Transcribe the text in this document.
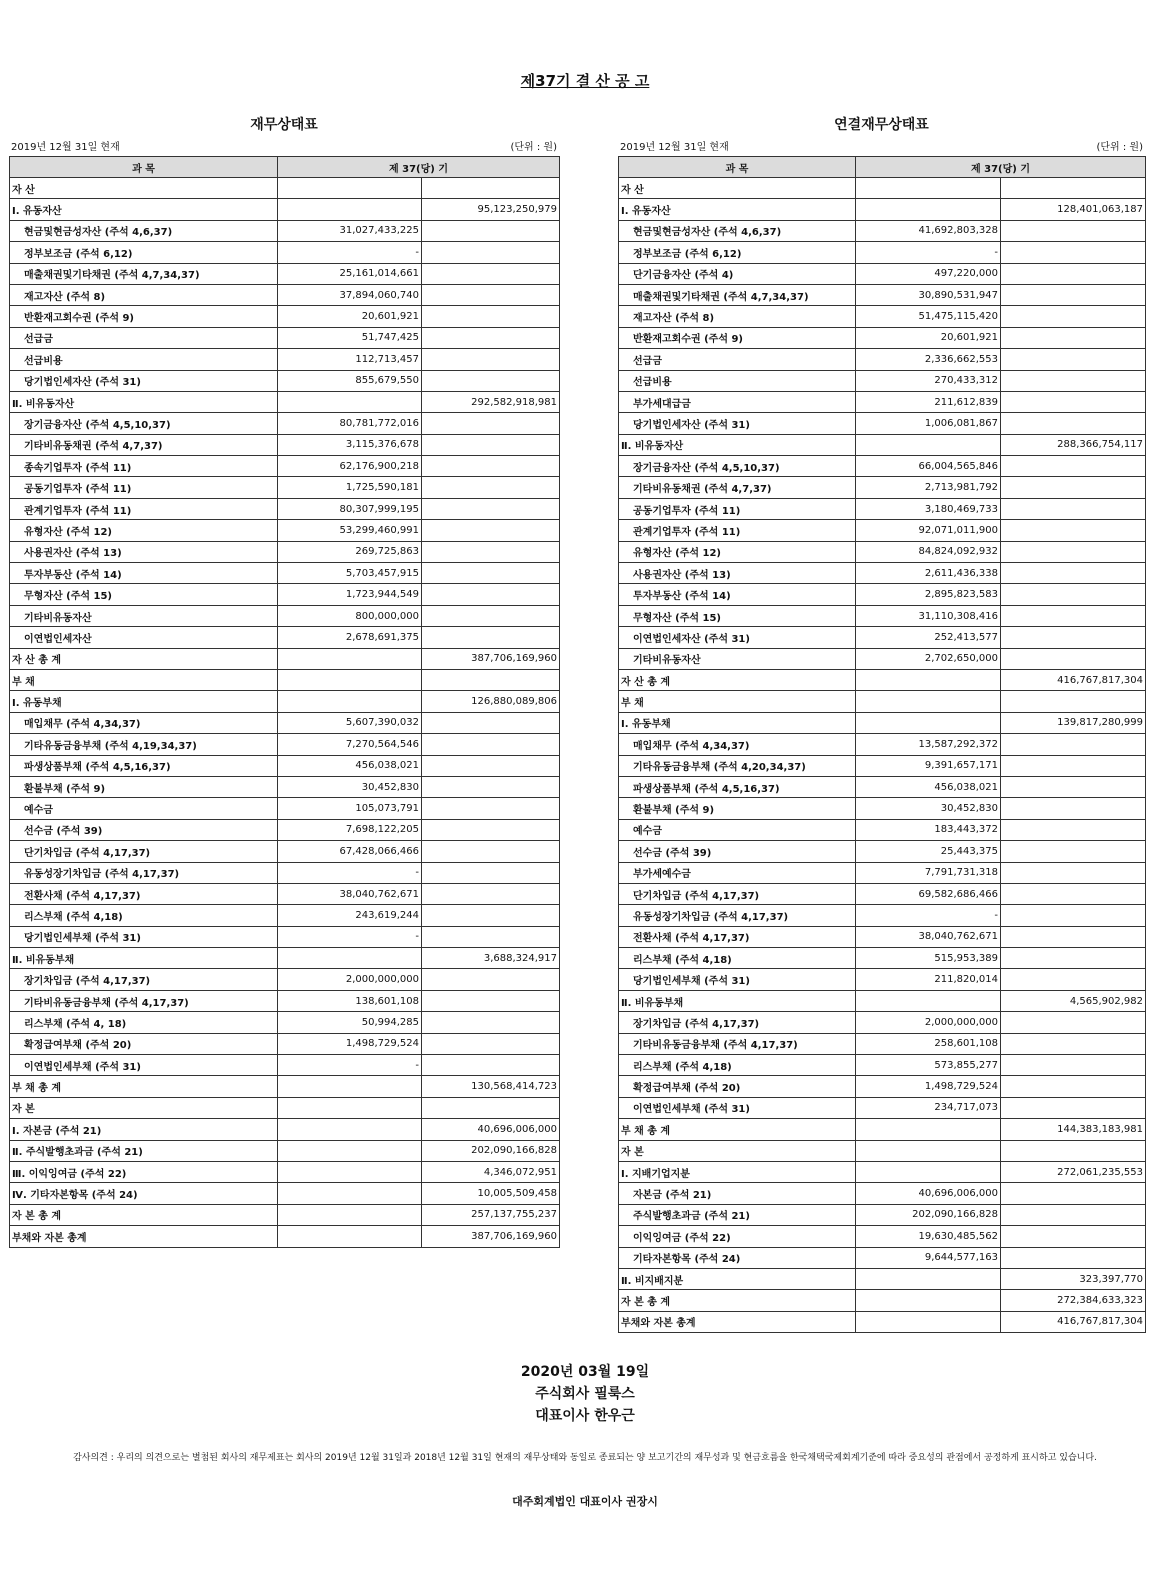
제37기 결 산 공 고
재무상태표
2019년 12월 31일 현재	(단위 : 원)
과 목	제 37(당) 기	
자 산		
Ⅰ. 유동자산		95,123,250,979
현금및현금성자산 (주석 4,6,37)	31,027,433,225	
정부보조금 (주석 6,12)	-	
매출채권및기타채권 (주석 4,7,34,37)	25,161,014,661	
재고자산 (주석 8)	37,894,060,740	
반환재고회수권 (주석 9)	20,601,921	
선급금	51,747,425	
선급비용	112,713,457	
당기법인세자산 (주석 31)	855,679,550	
Ⅱ. 비유동자산		292,582,918,981
장기금융자산 (주석 4,5,10,37)	80,781,772,016	
기타비유동채권 (주석 4,7,37)	3,115,376,678	
종속기업투자 (주석 11)	62,176,900,218	
공동기업투자 (주석 11)	1,725,590,181	
관계기업투자 (주석 11)	80,307,999,195	
유형자산 (주석 12)	53,299,460,991	
사용권자산 (주석 13)	269,725,863	
투자부동산 (주석 14)	5,703,457,915	
무형자산 (주석 15)	1,723,944,549	
기타비유동자산	800,000,000	
이연법인세자산	2,678,691,375	
자 산 총 계		387,706,169,960
부 채		
Ⅰ. 유동부채		126,880,089,806
매입채무 (주석 4,34,37)	5,607,390,032	
기타유동금융부채 (주석 4,19,34,37)	7,270,564,546	
파생상품부채 (주석 4,5,16,37)	456,038,021	
환불부채 (주석 9)	30,452,830	
예수금	105,073,791	
선수금 (주석 39)	7,698,122,205	
단기차입금 (주석 4,17,37)	67,428,066,466	
유동성장기차입금 (주석 4,17,37)	-	
전환사채 (주석 4,17,37)	38,040,762,671	
리스부채 (주석 4,18)	243,619,244	
당기법인세부채 (주석 31)	-	
Ⅱ. 비유동부채		3,688,324,917
장기차입금 (주석 4,17,37)	2,000,000,000	
기타비유동금융부채 (주석 4,17,37)	138,601,108	
리스부채 (주석 4, 18)	50,994,285	
확정급여부채 (주석 20)	1,498,729,524	
이연법인세부채 (주석 31)	-	
부 채 총 계		130,568,414,723
자 본		
Ⅰ. 자본금 (주석 21)		40,696,006,000
Ⅱ. 주식발행초과금 (주석 21)		202,090,166,828
Ⅲ. 이익잉여금 (주석 22)		4,346,072,951
Ⅳ. 기타자본항목 (주석 24)		10,005,509,458
자 본 총 계		257,137,755,237
부채와 자본 총계		387,706,169,960
연결재무상태표
2019년 12월 31일 현재	(단위 : 원)
과 목	제 37(당) 기	
자 산		
Ⅰ. 유동자산		128,401,063,187
현금및현금성자산 (주석 4,6,37)	41,692,803,328	
정부보조금 (주석 6,12)	-	
단기금융자산 (주석 4)	497,220,000	
매출채권및기타채권 (주석 4,7,34,37)	30,890,531,947	
재고자산 (주석 8)	51,475,115,420	
반환재고회수권 (주석 9)	20,601,921	
선급금	2,336,662,553	
선급비용	270,433,312	
부가세대급금	211,612,839	
당기법인세자산 (주석 31)	1,006,081,867	
Ⅱ. 비유동자산		288,366,754,117
장기금융자산 (주석 4,5,10,37)	66,004,565,846	
기타비유동채권 (주석 4,7,37)	2,713,981,792	
공동기업투자 (주석 11)	3,180,469,733	
관계기업투자 (주석 11)	92,071,011,900	
유형자산 (주석 12)	84,824,092,932	
사용권자산 (주석 13)	2,611,436,338	
투자부동산 (주석 14)	2,895,823,583	
무형자산 (주석 15)	31,110,308,416	
이연법인세자산 (주석 31)	252,413,577	
기타비유동자산	2,702,650,000	
자 산 총 계		416,767,817,304
부 채		
Ⅰ. 유동부채		139,817,280,999
매입채무 (주석 4,34,37)	13,587,292,372	
기타유동금융부채 (주석 4,20,34,37)	9,391,657,171	
파생상품부채 (주석 4,5,16,37)	456,038,021	
환불부채 (주석 9)	30,452,830	
예수금	183,443,372	
선수금 (주석 39)	25,443,375	
부가세예수금	7,791,731,318	
단기차입금 (주석 4,17,37)	69,582,686,466	
유동성장기차입금 (주석 4,17,37)	-	
전환사채 (주석 4,17,37)	38,040,762,671	
리스부채 (주석 4,18)	515,953,389	
당기법인세부채 (주석 31)	211,820,014	
Ⅱ. 비유동부채		4,565,902,982
장기차입금 (주석 4,17,37)	2,000,000,000	
기타비유동금융부채 (주석 4,17,37)	258,601,108	
리스부채 (주석 4,18)	573,855,277	
확정급여부채 (주석 20)	1,498,729,524	
이연법인세부채 (주석 31)	234,717,073	
부 채 총 계		144,383,183,981
자 본		
Ⅰ. 지배기업지분		272,061,235,553
자본금 (주석 21)	40,696,006,000	
주식발행초과금 (주석 21)	202,090,166,828	
이익잉여금 (주석 22)	19,630,485,562	
기타자본항목 (주석 24)	9,644,577,163	
Ⅱ. 비지배지분		323,397,770
자 본 총 계		272,384,633,323
부채와 자본 총계		416,767,817,304
2020년 03월 19일
주식회사 필룩스
대표이사 한우근
감사의견 : 우리의 의견으로는 별첨된 회사의 재무제표는 회사의 2019년 12월 31일과 2018년 12월 31일 현재의 재무상태와 동일로 종료되는 양 보고기간의 재무성과 및 현금흐름을 한국채택국제회계기준에 따라 중요성의 관점에서 공정하게 표시하고 있습니다.
대주회계법인 대표이사 권장시
